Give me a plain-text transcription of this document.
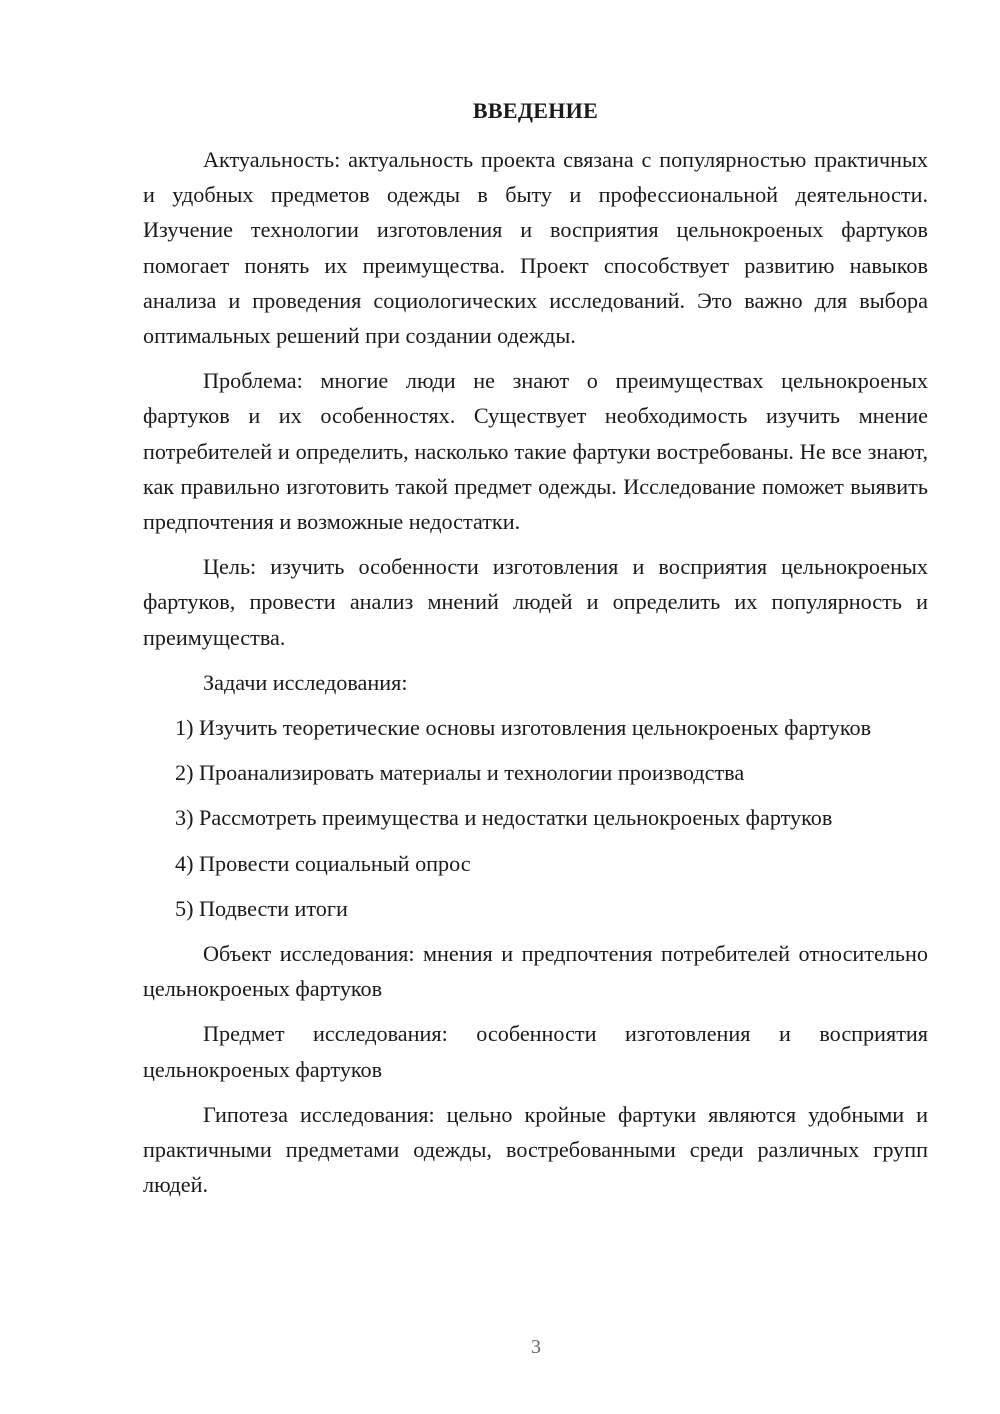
ВВЕДЕНИЕ

Актуальность: актуальность проекта связана с популярностью практичных и удобных предметов одежды в быту и профессиональной деятельности. Изучение технологии изготовления и восприятия цельнокроеных фартуков помогает понять их преимущества. Проект способствует развитию навыков анализа и проведения социологических исследований. Это важно для выбора оптимальных решений при создании одежды.

Проблема: многие люди не знают о преимуществах цельнокроеных фартуков и их особенностях. Существует необходимость изучить мнение потребителей и определить, насколько такие фартуки востребованы. Не все знают, как правильно изготовить такой предмет одежды. Исследование поможет выявить предпочтения и возможные недостатки.

Цель: изучить особенности изготовления и восприятия цельнокроеных фартуков, провести анализ мнений людей и определить их популярность и преимущества.

Задачи исследования:

1) Изучить теоретические основы изготовления цельнокроеных фартуков

2) Проанализировать материалы и технологии производства

3) Рассмотреть преимущества и недостатки цельнокроеных фартуков

4) Провести социальный опрос

5) Подвести итоги

Объект исследования: мнения и предпочтения потребителей относительно цельнокроеных фартуков

Предмет исследования: особенности изготовления и восприятия цельнокроеных фартуков

Гипотеза исследования: цельно кройные фартуки являются удобными и практичными предметами одежды, востребованными среди различных групп людей.

3
